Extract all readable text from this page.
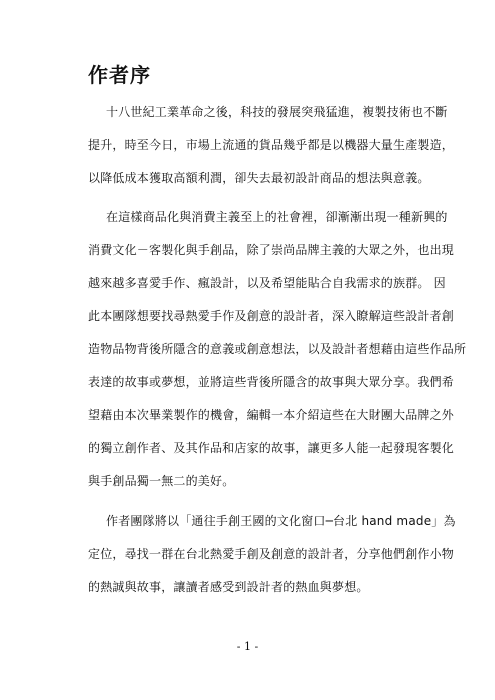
作者序
十八世紀工業革命之後，科技的發展突飛猛進，複製技術也不斷
提升，時至今日，市場上流通的貨品幾乎都是以機器大量生產製造，
以降低成本獲取高額利潤，卻失去最初設計商品的想法與意義。
在這樣商品化與消費主義至上的社會裡，卻漸漸出現一種新興的
消費文化－客製化與手創品，除了崇尚品牌主義的大眾之外，也出現
越來越多喜愛手作、瘋設計，以及希望能貼合自我需求的族群。 因
此本團隊想要找尋熱愛手作及創意的設計者，深入瞭解這些設計者創
造物品物背後所隱含的意義或創意想法，以及設計者想藉由這些作品所
表達的故事或夢想，並將這些背後所隱含的故事與大眾分享。我們希
望藉由本次畢業製作的機會，編輯一本介紹這些在大財團大品牌之外
的獨立創作者、及其作品和店家的故事，讓更多人能一起發現客製化
與手創品獨一無二的美好。
作者團隊將以「通往手創王國的文化窗口─台北 hand made」為
定位，尋找一群在台北熱愛手創及創意的設計者，分享他們創作小物
的熱誠與故事，讓讀者感受到設計者的熱血與夢想。
- 1 -
